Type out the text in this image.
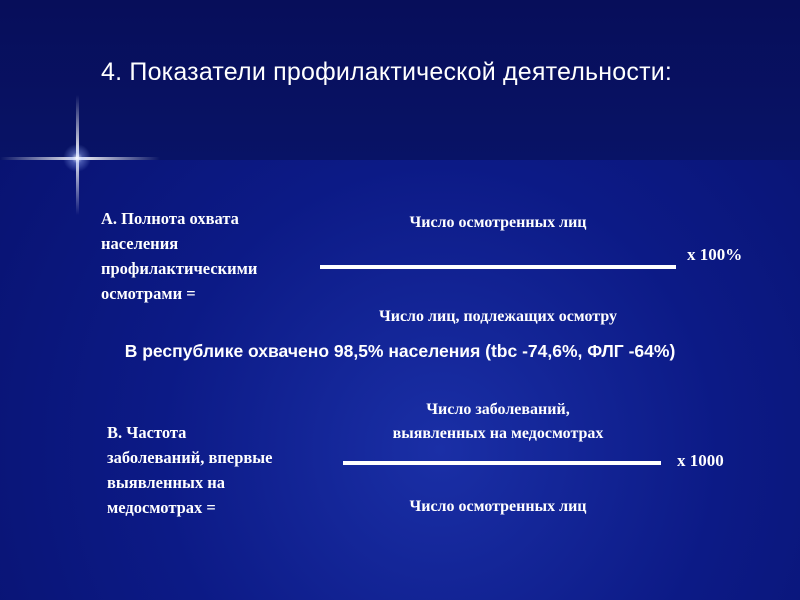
4. Показатели профилактической деятельности:
А. Полнота охвата
населения
профилактическими
осмотрами =
Число осмотренных лиц
Число лиц, подлежащих осмотру
х 100%
В республике охвачено 98,5% населения (tbc -74,6%, ФЛГ -64%)
В. Частота
заболеваний, впервые
выявленных на
медосмотрах =
Число заболеваний,
выявленных на медосмотрах
Число осмотренных лиц
х 1000
